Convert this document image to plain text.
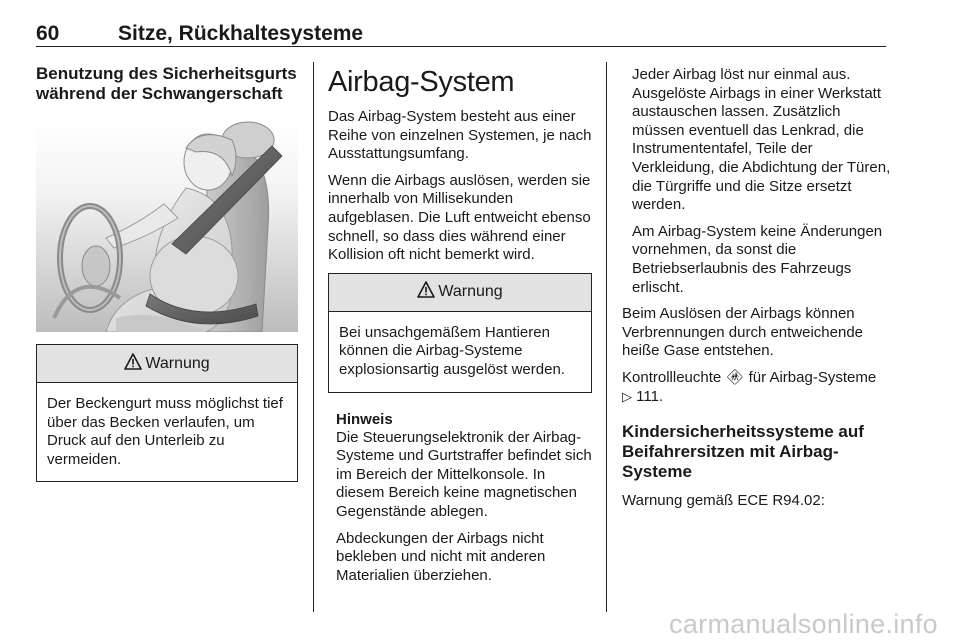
60	Sitze, Rückhaltesysteme
Benutzung des Sicherheitsgurts
während der Schwangerschaft
Warnung

Der Beckengurt muss möglichst tief über das Becken verlaufen, um Druck auf den Unterleib zu vermeiden.

Airbag-System

Das Airbag-System besteht aus einer Reihe von einzelnen Systemen, je nach Ausstattungsumfang.

Wenn die Airbags auslösen, werden sie innerhalb von Millisekunden aufgeblasen. Die Luft entweicht ebenso schnell, so dass dies während einer Kollision oft nicht bemerkt wird.

Warnung

Bei unsachgemäßem Hantieren können die Airbag-Systeme explosionsartig ausgelöst werden.

Hinweis

Die Steuerungselektronik der Airbag-Systeme und Gurtstraffer befindet sich im Bereich der Mittelkonsole. In diesem Bereich keine magnetischen Gegenstände ablegen.

Abdeckungen der Airbags nicht bekleben und nicht mit anderen Materialien überziehen.

Jeder Airbag löst nur einmal aus. Ausgelöste Airbags in einer Werkstatt austauschen lassen. Zusätzlich müssen eventuell das Lenkrad, die Instrumententafel, Teile der Verkleidung, die Abdichtung der Türen, die Türgriffe und die Sitze ersetzt werden.

Am Airbag-System keine Änderungen vornehmen, da sonst die Betriebserlaubnis des Fahrzeugs erlischt.

Beim Auslösen der Airbags können Verbrennungen durch entweichende heiße Gase entstehen.

Kontrollleuchte 🚸︎ für Airbag-Systeme
▷ 111.

Kindersicherheitssysteme auf Beifahrersitzen mit Airbag-Systeme

Warnung gemäß ECE R94.02:

carmanualsonline.info
